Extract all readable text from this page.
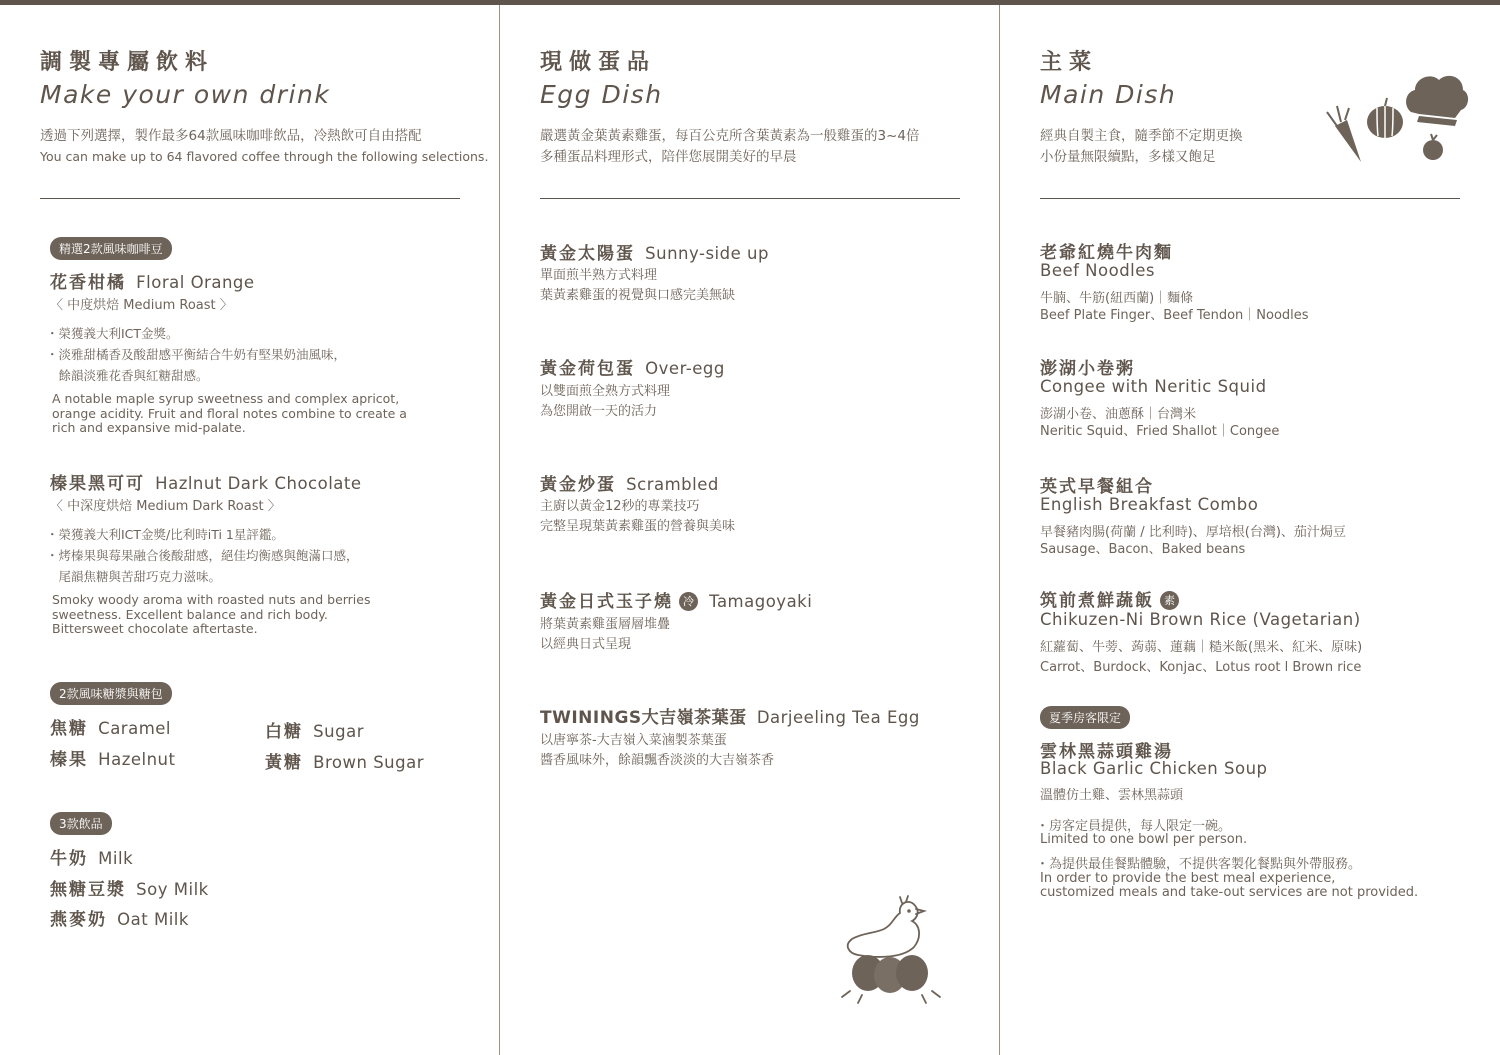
調製專屬飲料
Make your own drink
透過下列選擇，製作最多64款風味咖啡飲品，冷熱飲可自由搭配
You can make up to 64 flavored coffee through the following selections.
精選2款風味咖啡豆
花香柑橘 Floral Orange
〈 中度烘焙 Medium Roast 〉
・榮獲義大利ICT金獎。
・淡雅甜橘香及酸甜感平衡結合牛奶有堅果奶油風味，
　餘韻淡雅花香與紅糖甜感。
A notable maple syrup sweetness and complex apricot,
orange acidity. Fruit and floral notes combine to create a
rich and expansive mid-palate.
榛果黑可可 Hazlnut Dark Chocolate
〈 中深度烘焙 Medium Dark Roast 〉
・榮獲義大利ICT金獎/比利時iTi 1星評鑑。
・烤榛果與莓果融合後酸甜感，絕佳均衡感與飽滿口感，
　尾韻焦糖與苦甜巧克力滋味。
Smoky woody aroma with roasted nuts and berries
sweetness. Excellent balance and rich body.
Bittersweet chocolate aftertaste.
2款風味糖漿與糖包
焦糖 Caramel
榛果 Hazelnut
白糖 Sugar
黃糖 Brown Sugar
3款飲品
牛奶 Milk
無糖豆漿 Soy Milk
燕麥奶 Oat Milk
現做蛋品
Egg Dish
嚴選黃金葉黃素雞蛋，每百公克所含葉黃素為一般雞蛋的3~4倍
多種蛋品料理形式，陪伴您展開美好的早晨
黃金太陽蛋 Sunny-side up
單面煎半熟方式料理
葉黃素雞蛋的視覺與口感完美無缺
黃金荷包蛋 Over-egg
以雙面煎全熟方式料理
為您開啟一天的活力
黃金炒蛋 Scrambled
主廚以黃金12秒的專業技巧
完整呈現葉黃素雞蛋的營養與美味
黃金日式玉子燒 冷 Tamagoyaki
將葉黃素雞蛋層層堆疊
以經典日式呈現
TWININGS大吉嶺茶葉蛋 Darjeeling Tea Egg
以唐寧茶-大吉嶺入菜滷製茶葉蛋
醬香風味外，餘韻飄香淡淡的大吉嶺茶香
主菜
Main Dish
經典自製主食，隨季節不定期更換
小份量無限續點，多樣又飽足
老爺紅燒牛肉麵
Beef Noodles
牛腩、牛筋(紐西蘭)｜麵條
Beef Plate Finger、Beef Tendon｜Noodles
澎湖小卷粥
Congee with Neritic Squid
澎湖小卷、油蔥酥｜台灣米
Neritic Squid、Fried Shallot｜Congee
英式早餐組合
English Breakfast Combo
早餐豬肉腸(荷蘭 / 比利時)、厚培根(台灣)、茄汁焗豆
Sausage、Bacon、Baked beans
筑前煮鮮蔬飯 素
Chikuzen-Ni Brown Rice (Vagetarian)
紅蘿蔔、牛蒡、蒟蒻、蓮藕｜糙米飯(黑米、紅米、原味)
Carrot、Burdock、Konjac、Lotus root l Brown rice
夏季房客限定
雲林黑蒜頭雞湯
Black Garlic Chicken Soup
溫體仿土雞、雲林黑蒜頭
・房客定員提供，每人限定一碗。
Limited to one bowl per person.
・為提供最佳餐點體驗，不提供客製化餐點與外帶服務。
In order to provide the best meal experience,
customized meals and take-out services are not provided.
